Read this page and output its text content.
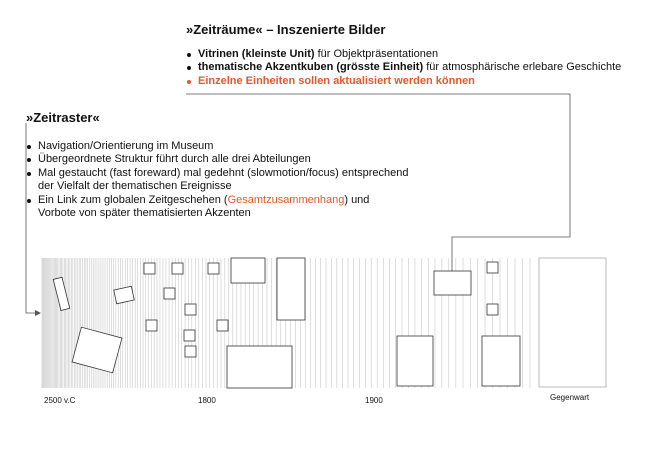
»Zeiträume« – Inszenierte Bilder
Vitrinen (kleinste Unit) für Objektpräsentationen
thematische Akzentkuben (grösste Einheit) für atmosphärische erlebare Geschichte
Einzelne Einheiten sollen aktualisiert werden können
»Zeitraster«
Navigation/Orientierung im Museum
Übergeordnete Struktur führt durch alle drei Abteilungen
Mal gestaucht (fast foreward) mal gedehnt (slowmotion/focus) entsprechend
der Vielfalt der thematischen Ereignisse
Ein Link zum globalen Zeitgeschehen (Gesamtzusammenhang) und
Vorbote von später thematisierten Akzenten
2500 v.C	1800	1900	Gegenwart
